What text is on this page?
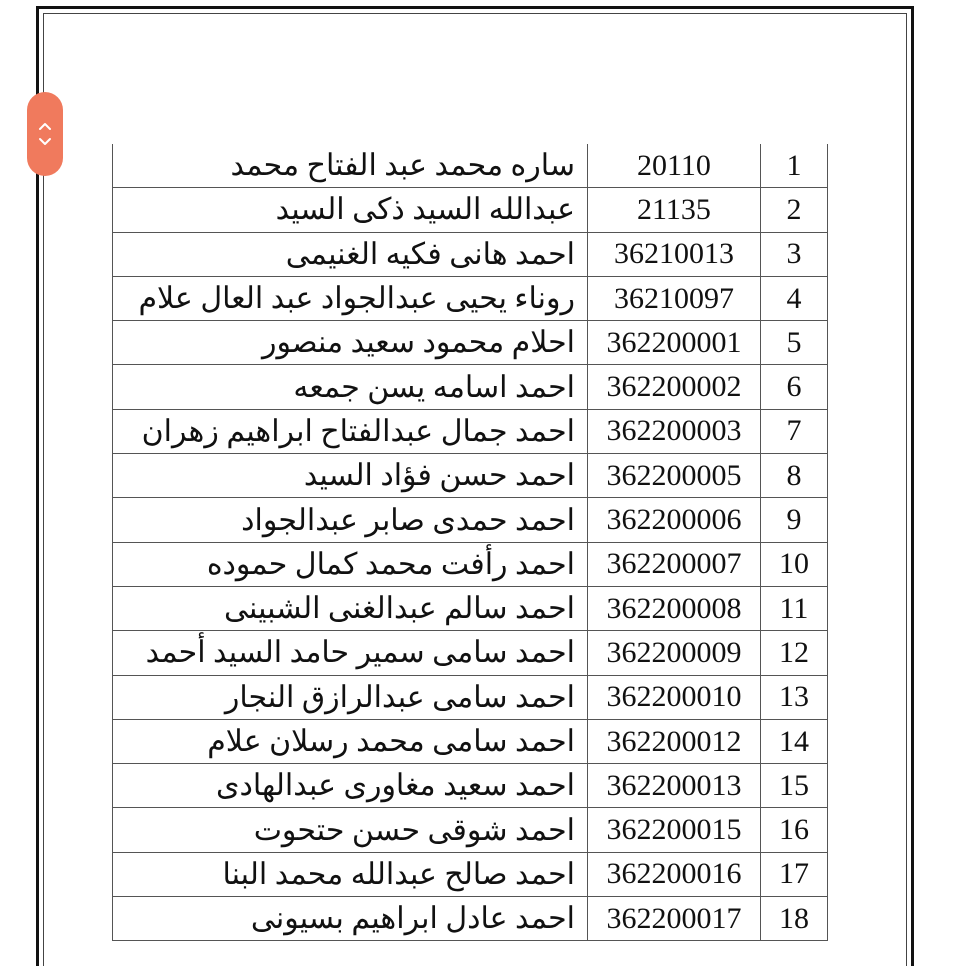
1	20110	ساره محمد عبد الفتاح محمد
2	21135	عبدالله السيد ذكى السيد
3	36210013	احمد هانى فكيه الغنيمى
4	36210097	روناء يحيى عبدالجواد عبد العال علام
5	362200001	احلام محمود سعيد منصور
6	362200002	احمد اسامه يسن جمعه
7	362200003	احمد جمال عبدالفتاح ابراهيم زهران
8	362200005	احمد حسن فؤاد السيد
9	362200006	احمد حمدى صابر عبدالجواد
10	362200007	احمد رأفت محمد كمال حموده
11	362200008	احمد سالم عبدالغنى الشبينى
12	362200009	احمد سامى سمير حامد السيد أحمد
13	362200010	احمد سامى عبدالرازق النجار
14	362200012	احمد سامى محمد رسلان علام
15	362200013	احمد سعيد مغاورى عبدالهادى
16	362200015	احمد شوقى حسن حتحوت
17	362200016	احمد صالح عبدالله محمد البنا
18	362200017	احمد عادل ابراهيم بسيونى
